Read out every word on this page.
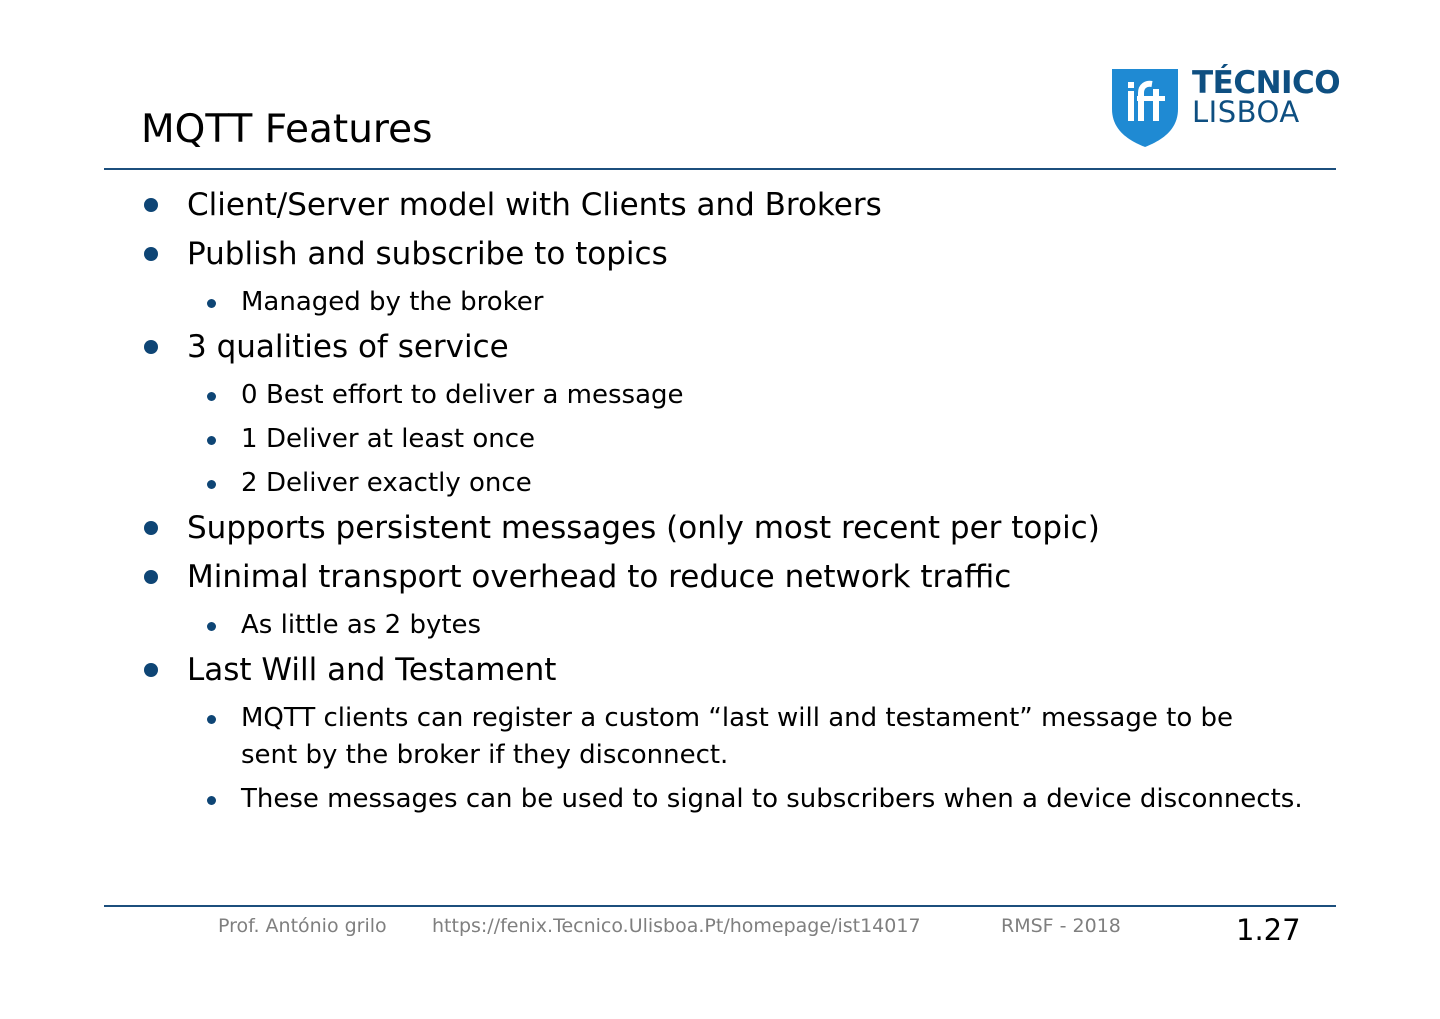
MQTT Features
TÉCNICO
LISBOA
Client/Server model with Clients and Brokers
Publish and subscribe to topics
Managed by the broker
3 qualities of service
0 Best effort to deliver a message
1 Deliver at least once
2 Deliver exactly once
Supports persistent messages (only most recent per topic)
Minimal transport overhead to reduce network traffic
As little as 2 bytes
Last Will and Testament
MQTT clients can register a custom “last will and testament” message to be sent by the broker if they disconnect.
These messages can be used to signal to subscribers when a device disconnects.
Prof. António grilo https://fenix.Tecnico.Ulisboa.Pt/homepage/ist14017	RMSF - 2018	1.27
